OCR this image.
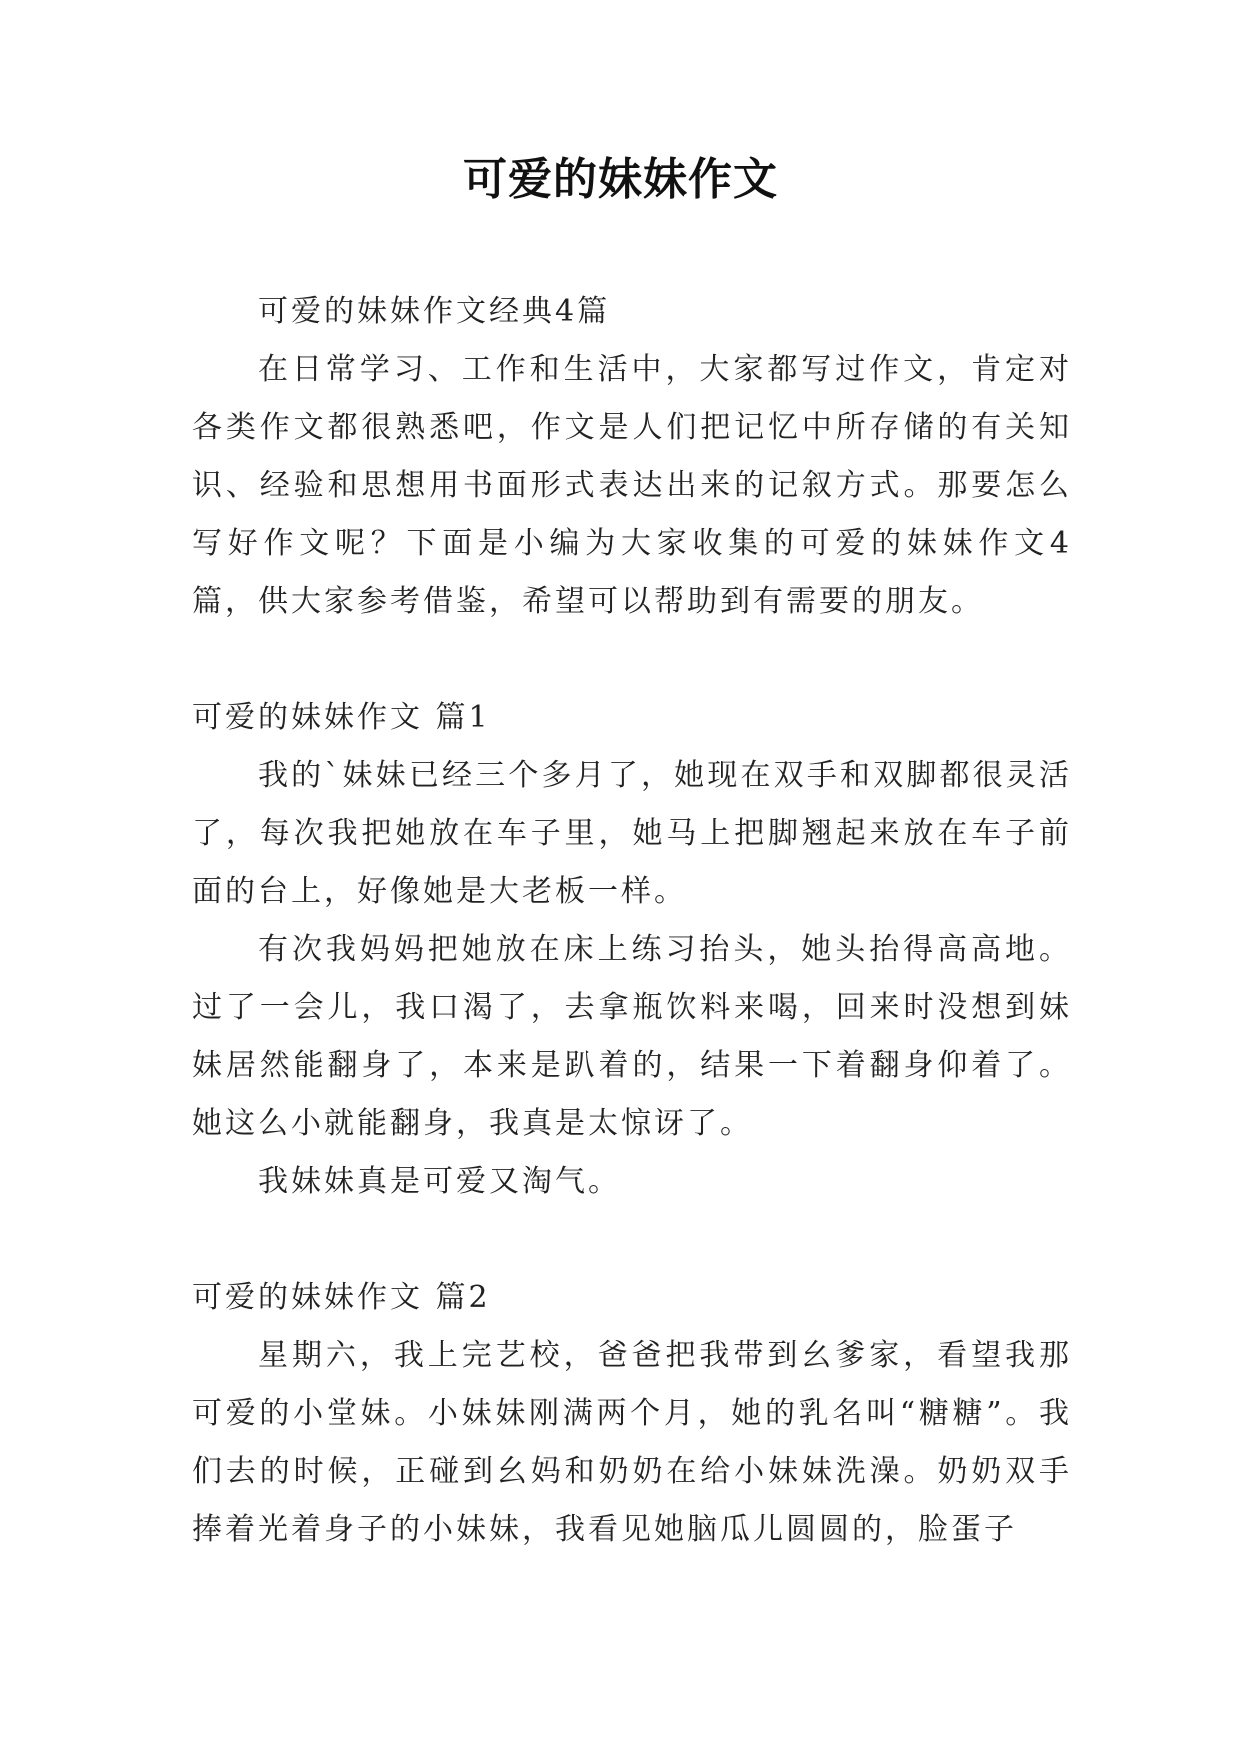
可爱的妹妹作文

可爱的妹妹作文经典4篇

在日常学习、工作和生活中，大家都写过作文，肯定对各类作文都很熟悉吧，作文是人们把记忆中所存储的有关知识、经验和思想用书面形式表达出来的记叙方式。那要怎么写好作文呢？下面是小编为大家收集的可爱的妹妹作文4篇，供大家参考借鉴，希望可以帮助到有需要的朋友。

可爱的妹妹作文 篇1

我的`妹妹已经三个多月了，她现在双手和双脚都很灵活了，每次我把她放在车子里，她马上把脚翘起来放在车子前面的台上，好像她是大老板一样。

有次我妈妈把她放在床上练习抬头，她头抬得高高地。过了一会儿，我口渴了，去拿瓶饮料来喝，回来时没想到妹妹居然能翻身了，本来是趴着的，结果一下着翻身仰着了。她这么小就能翻身，我真是太惊讶了。

我妹妹真是可爱又淘气。

可爱的妹妹作文 篇2

星期六，我上完艺校，爸爸把我带到幺爹家，看望我那可爱的小堂妹。小妹妹刚满两个月，她的乳名叫“糖糖”。我们去的时候，正碰到幺妈和奶奶在给小妹妹洗澡。奶奶双手捧着光着身子的小妹妹，我看见她脑瓜儿圆圆的，脸蛋子
